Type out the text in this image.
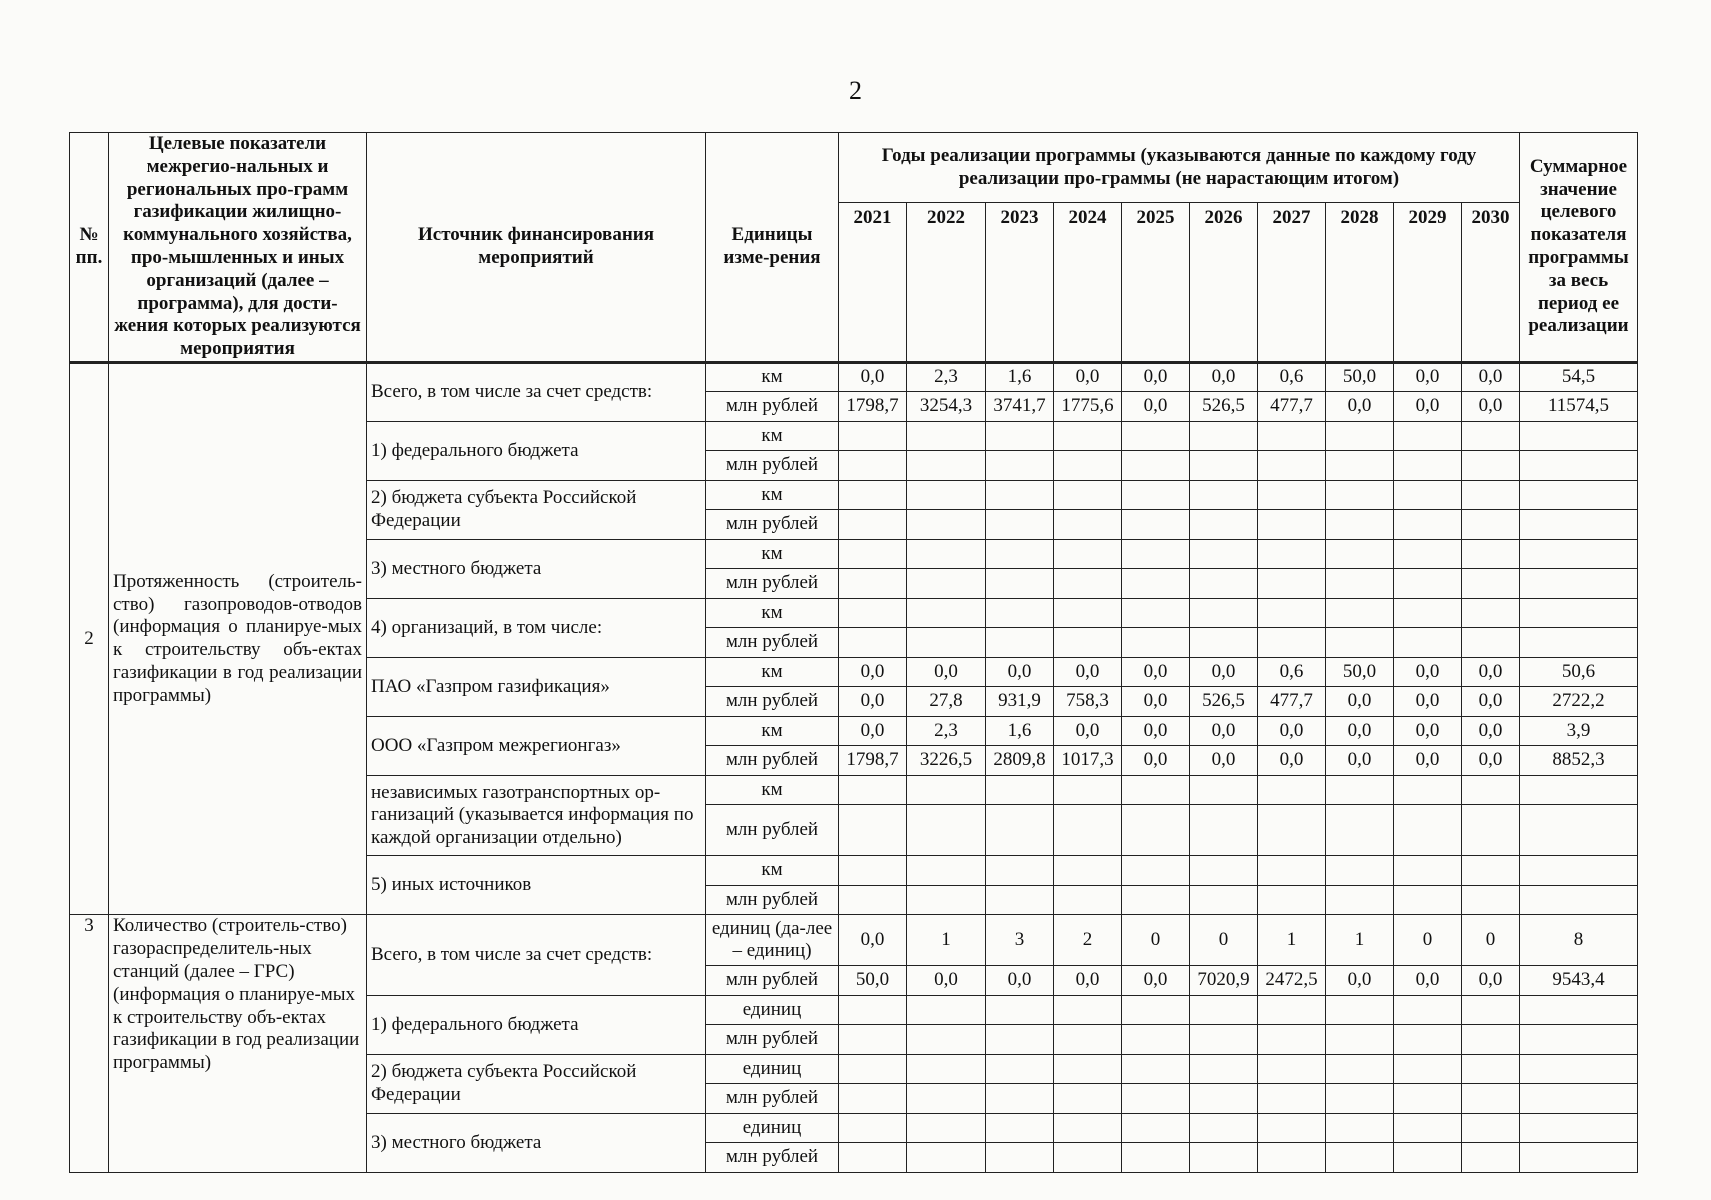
2
№ пп.	Целевые показатели межрегио-нальных и региональных про-грамм газификации жилищно-коммунального хозяйства, про-мышленных и иных организаций (далее – программа), для дости-жения которых реализуются мероприятия	Источник финансирования мероприятий	Единицы изме-рения	Годы реализации программы (указываются данные по каждому году реализации про-граммы (не нарастающим итогом)										Суммарное значение целевого показателя программы за весь период ее реализации
				2021	2022	2023	2024	2025	2026	2027	2028	2029	2030	
2	Протяженность (строитель-ство) газопроводов-отводов (информация о планируе-мых к строительству объ-ектах газификации в год реализации программы)	Всего, в том числе за счет средств:	км	0,0	2,3	1,6	0,0	0,0	0,0	0,6	50,0	0,0	0,0	54,5
			млн рублей	1798,7	3254,3	3741,7	1775,6	0,0	526,5	477,7	0,0	0,0	0,0	11574,5
		1) федерального бюджета	км											
			млн рублей											
		2) бюджета субъекта Российской Федерации	км											
			млн рублей											
		3) местного бюджета	км											
			млн рублей											
		4) организаций, в том числе:	км											
			млн рублей											
		ПАО «Газпром газификация»	км	0,0	0,0	0,0	0,0	0,0	0,0	0,6	50,0	0,0	0,0	50,6
			млн рублей	0,0	27,8	931,9	758,3	0,0	526,5	477,7	0,0	0,0	0,0	2722,2
		ООО «Газпром межрегионгаз»	км	0,0	2,3	1,6	0,0	0,0	0,0	0,0	0,0	0,0	0,0	3,9
			млн рублей	1798,7	3226,5	2809,8	1017,3	0,0	0,0	0,0	0,0	0,0	0,0	8852,3
		независимых газотранспортных ор-ганизаций (указывается информация по каждой организации отдельно)	км											
			млн рублей											
		5) иных источников	км											
			млн рублей											
3	Количество (строитель-ство) газораспределитель-ных станций (далее – ГРС) (информация о планируе-мых к строительству объ-ектах газификации в год реализации программы)	Всего, в том числе за счет средств:	единиц (да-лее – единиц)	0,0	1	3	2	0	0	1	1	0	0	8
			млн рублей	50,0	0,0	0,0	0,0	0,0	7020,9	2472,5	0,0	0,0	0,0	9543,4
		1) федерального бюджета	единиц											
			млн рублей											
		2) бюджета субъекта Российской Федерации	единиц											
			млн рублей											
		3) местного бюджета	единиц											
			млн рублей											
